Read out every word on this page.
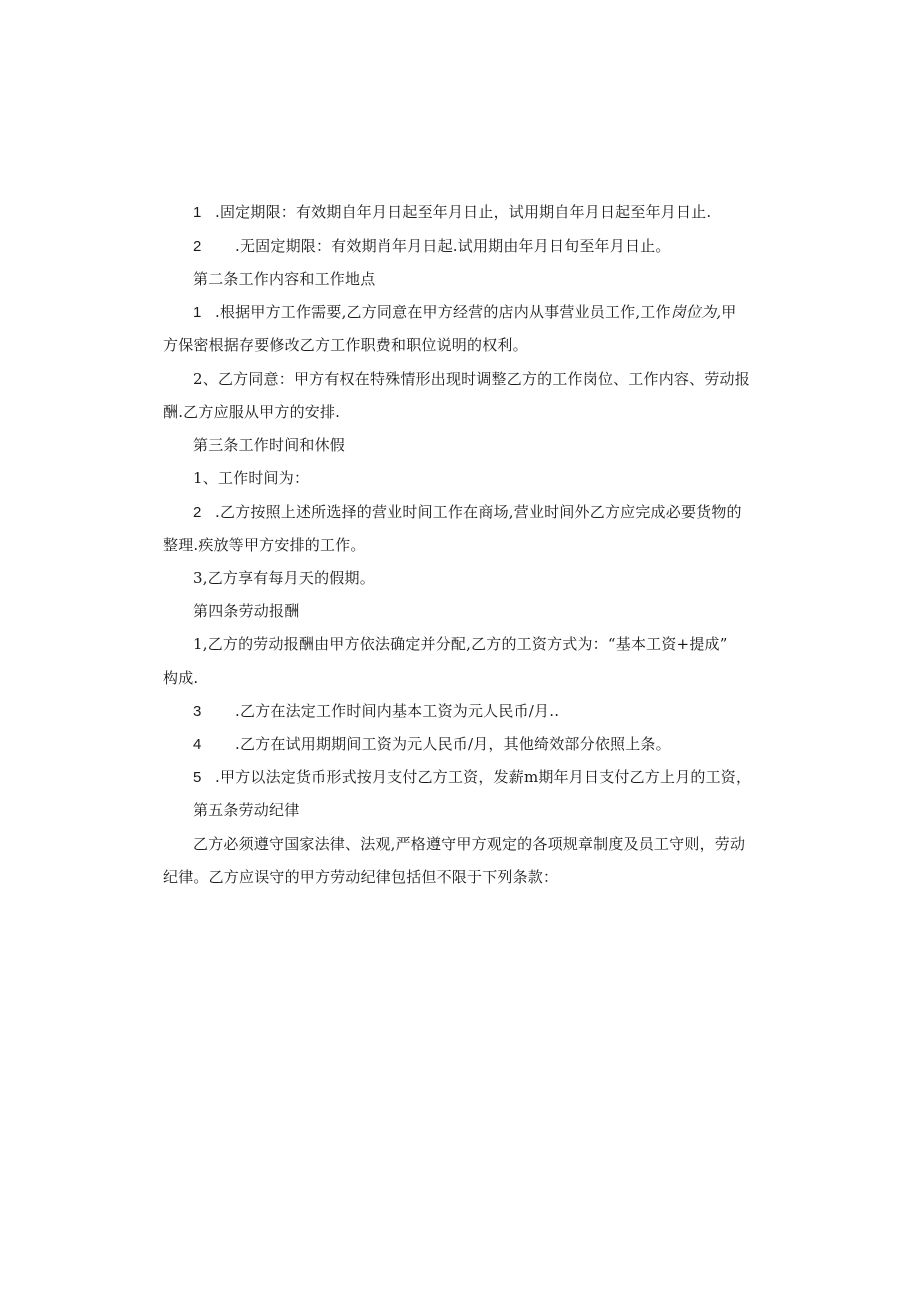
1 .固定期限：有效期自年月日起至年月日止，试用期自年月日起至年月日止.
2 .无固定期限：有效期肖年月日起.试用期由年月日旬至年月日止。
第二条工作内容和工作地点
1 .根据甲方工作需要,乙方同意在甲方经营的店内从事营业员工作,工作岗位为,甲
方保密根据存要修改乙方工作职费和职位说明的权利。
2、乙方同意：甲方有权在特殊情形出现时调整乙方的工作岗位、工作内容、劳动报
酬.乙方应服从甲方的安排.
第三条工作时间和休假
1、工作时间为：
2 .乙方按照上述所选择的营业时间工作在商场,营业时间外乙方应完成必要货物的
整理.疾放等甲方安排的工作。
3,乙方享有每月天的假期。
第四条劳动报酬
1,乙方的劳动报酬由甲方依法确定并分配,乙方的工资方式为：“基本工资+提成”
构成.
3 .乙方在法定工作时间内基本工资为元人民币/月..
4 .乙方在试用期期间工资为元人民币/月，其他绮效部分依照上条。
5 .甲方以法定货币形式按月支付乙方工资，发薪m期年月日支付乙方上月的工资，
第五条劳动纪律
乙方必须遵守国家法律、法观,严格遵守甲方观定的各项规章制度及员工守则，劳动
纪律。乙方应误守的甲方劳动纪律包括但不限于下列条款：
